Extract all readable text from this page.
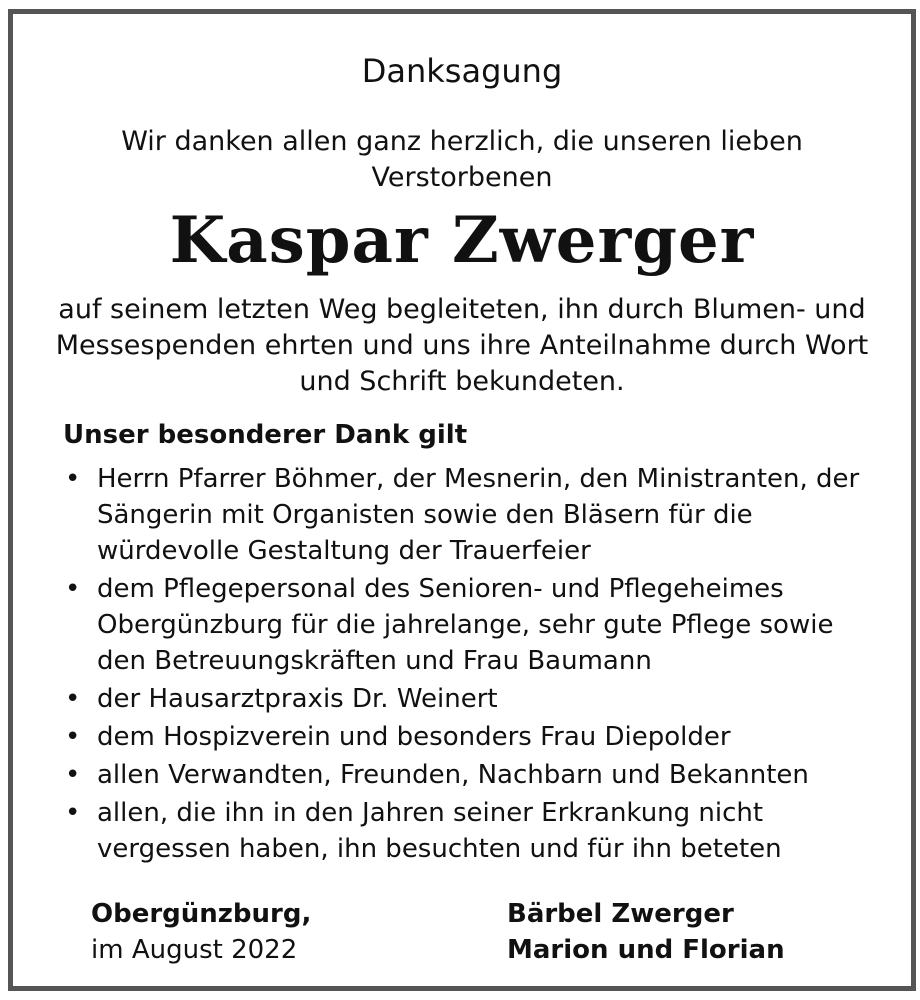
Danksagung
Wir danken allen ganz herzlich, die unseren lieben Verstorbenen
Kaspar Zwerger
auf seinem letzten Weg begleiteten, ihn durch Blumen- und Messespenden ehrten und uns ihre Anteilnahme durch Wort und Schrift bekundeten.
Unser besonderer Dank gilt
• Herrn Pfarrer Böhmer, der Mesnerin, den Ministranten, der Sängerin mit Organisten sowie den Bläsern für die würdevolle Gestaltung der Trauerfeier
• dem Pflegepersonal des Senioren- und Pflegeheimes Obergünzburg für die jahrelange, sehr gute Pflege sowie den Betreuungskräften und Frau Baumann
• der Hausarztpraxis Dr. Weinert
• dem Hospizverein und besonders Frau Diepolder
• allen Verwandten, Freunden, Nachbarn und Bekannten
• allen, die ihn in den Jahren seiner Erkrankung nicht vergessen haben, ihn besuchten und für ihn beteten
Obergünzburg,
im August 2022
Bärbel Zwerger
Marion und Florian
